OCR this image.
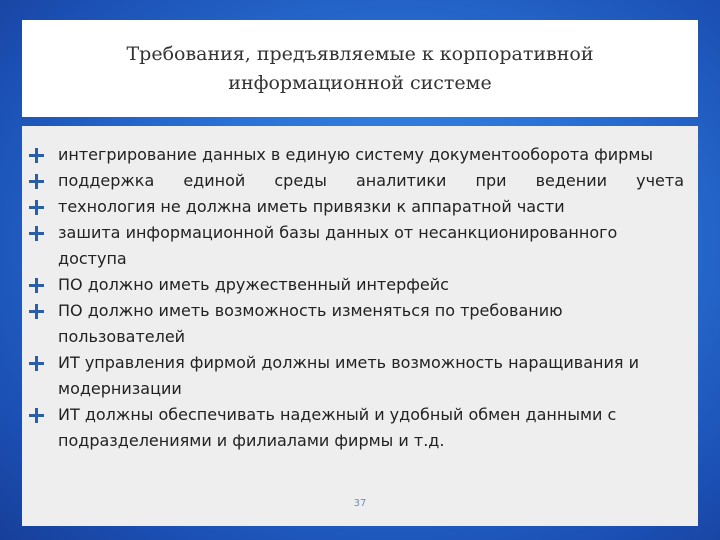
Требования, предъявляемые к корпоративной информационной системе

интегрирование данных в единую систему документооборота фирмы
поддержка единой среды аналитики при ведении учета
технология не должна иметь привязки к аппаратной части
зашита информационной базы данных от несанкционированного доступа
ПО должно иметь дружественный интерфейс
ПО должно иметь возможность изменяться по требованию пользователей
ИТ управления фирмой должны иметь возможность наращивания и модернизации
ИТ должны обеспечивать надежный и удобный обмен данными с подразделениями и филиалами фирмы и т.д.
37
